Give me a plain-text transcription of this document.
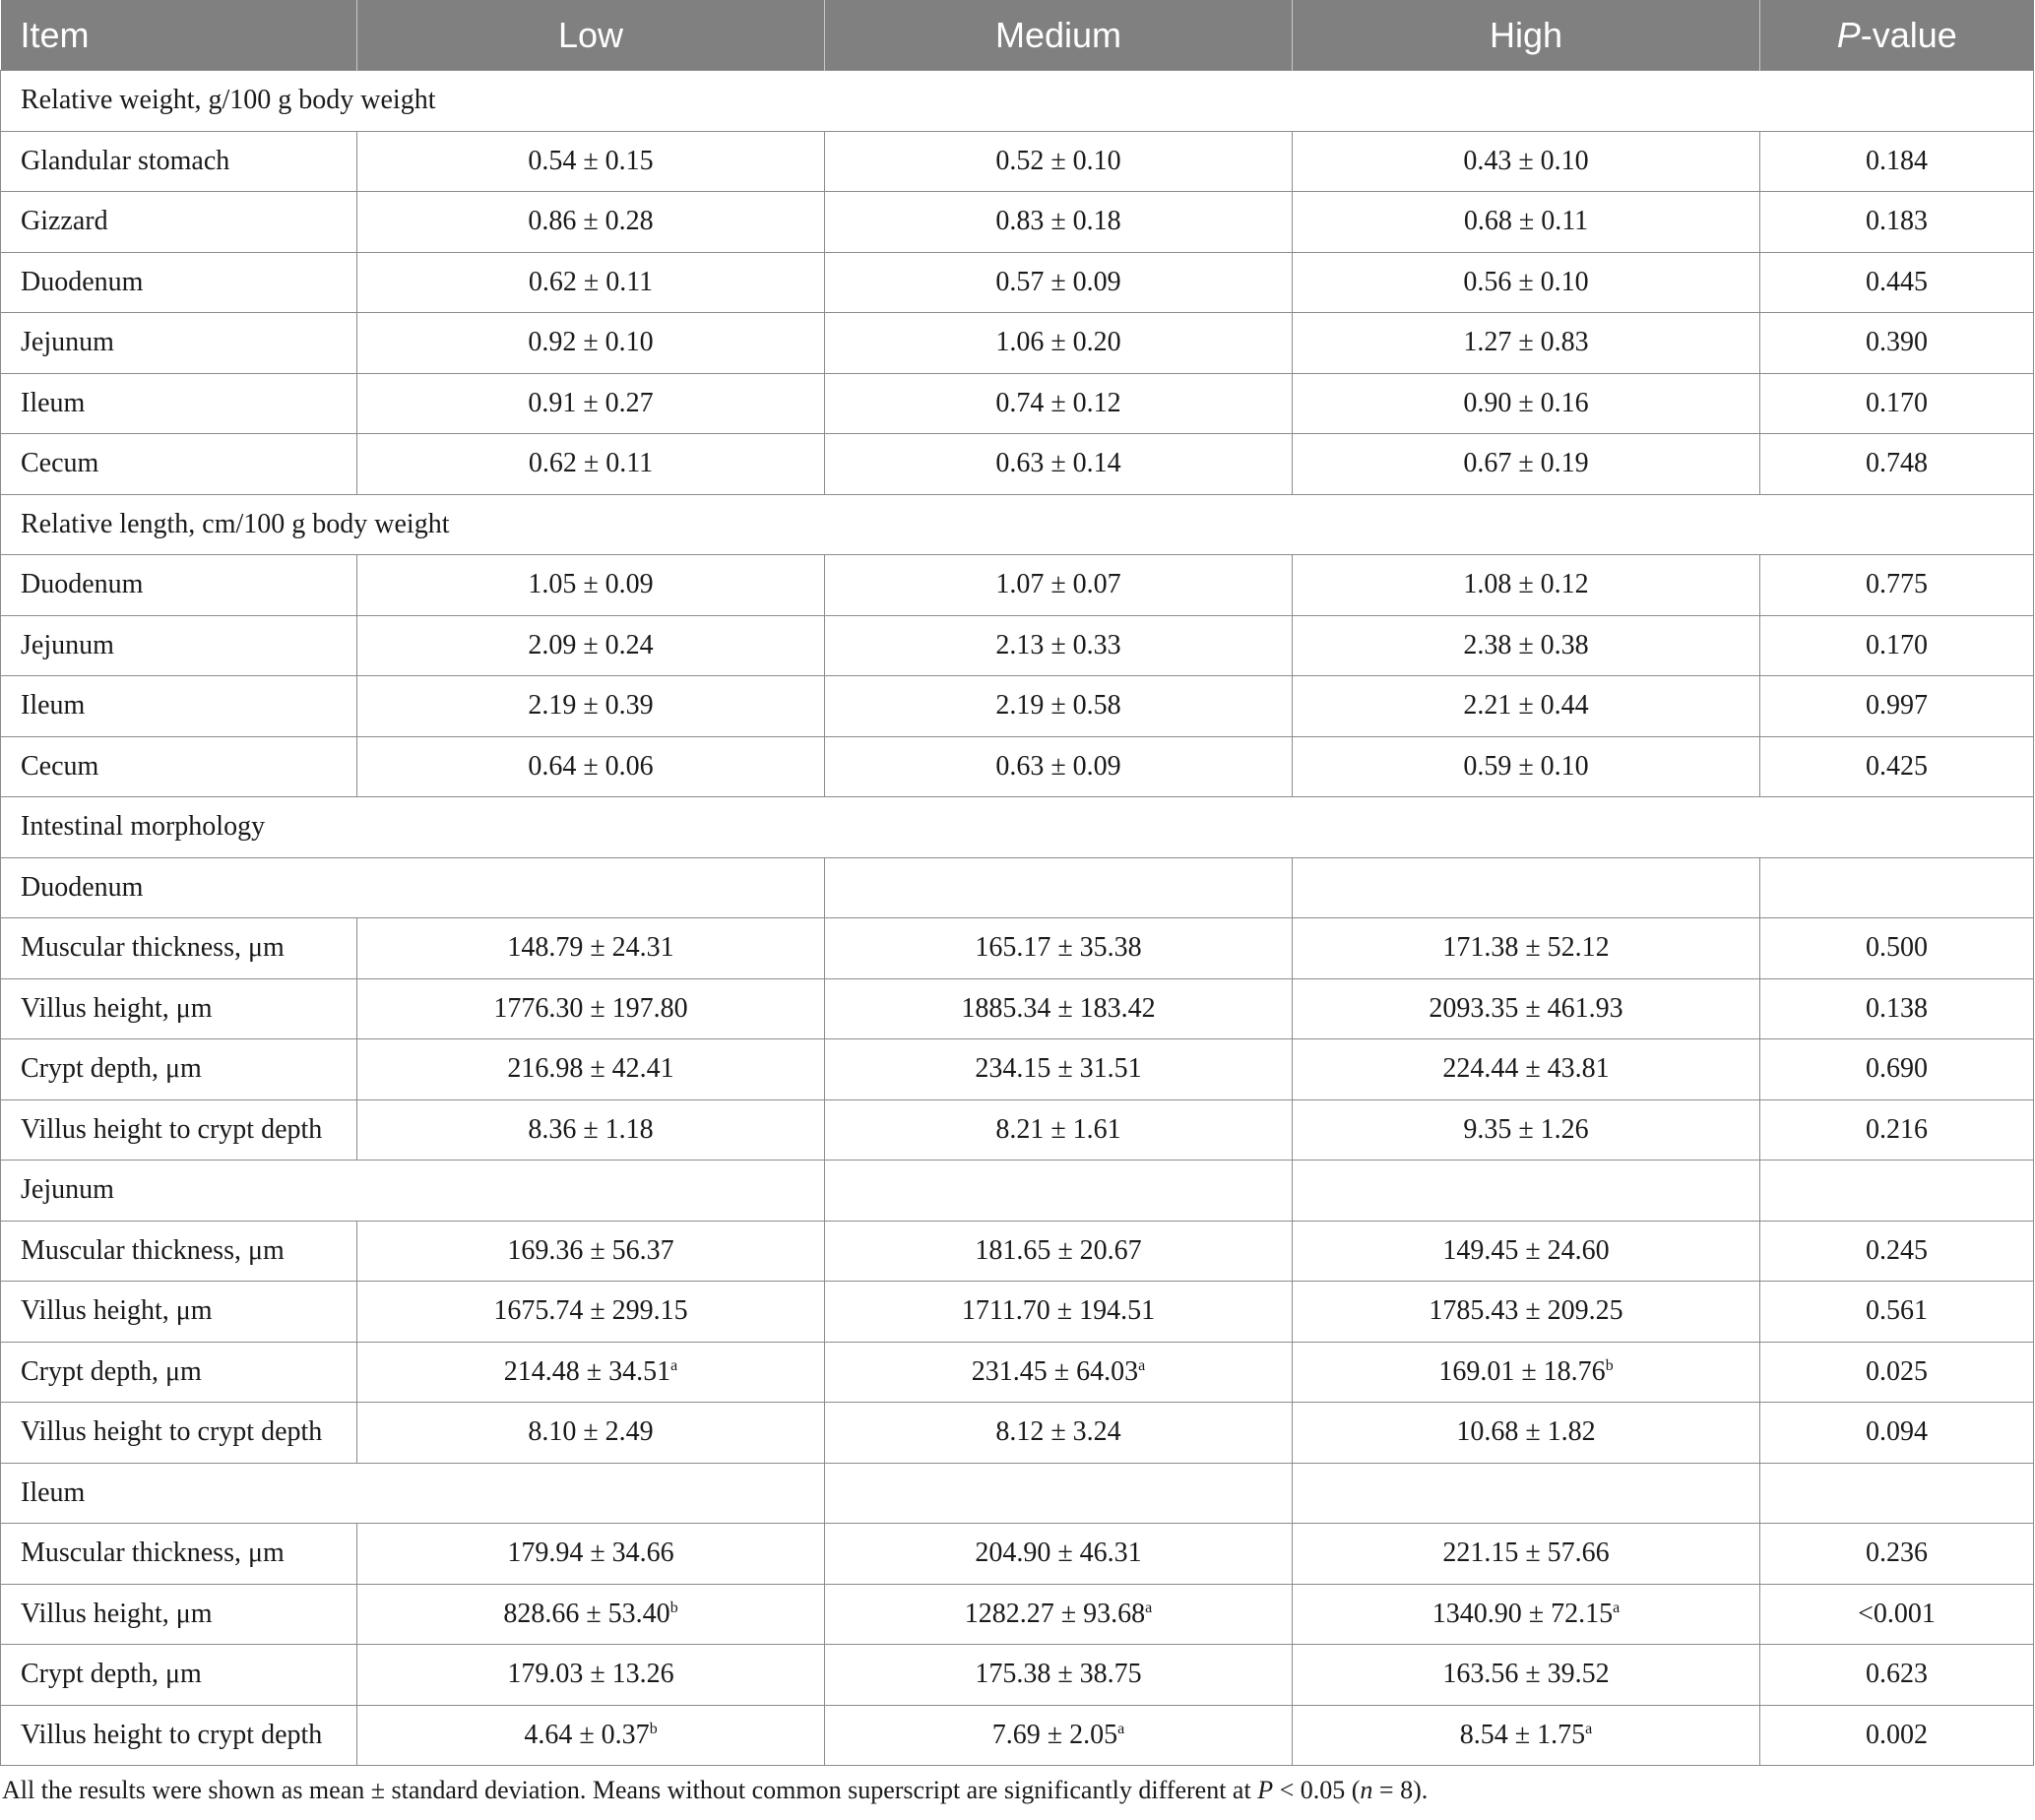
Item	Low	Medium	High	P-value
Relative weight, g/100 g body weight				
Glandular stomach	0.54 ± 0.15	0.52 ± 0.10	0.43 ± 0.10	0.184
Gizzard	0.86 ± 0.28	0.83 ± 0.18	0.68 ± 0.11	0.183
Duodenum	0.62 ± 0.11	0.57 ± 0.09	0.56 ± 0.10	0.445
Jejunum	0.92 ± 0.10	1.06 ± 0.20	1.27 ± 0.83	0.390
Ileum	0.91 ± 0.27	0.74 ± 0.12	0.90 ± 0.16	0.170
Cecum	0.62 ± 0.11	0.63 ± 0.14	0.67 ± 0.19	0.748
Relative length, cm/100 g body weight				
Duodenum	1.05 ± 0.09	1.07 ± 0.07	1.08 ± 0.12	0.775
Jejunum	2.09 ± 0.24	2.13 ± 0.33	2.38 ± 0.38	0.170
Ileum	2.19 ± 0.39	2.19 ± 0.58	2.21 ± 0.44	0.997
Cecum	0.64 ± 0.06	0.63 ± 0.09	0.59 ± 0.10	0.425
Intestinal morphology				
Duodenum				
Muscular thickness, μm	148.79 ± 24.31	165.17 ± 35.38	171.38 ± 52.12	0.500
Villus height, μm	1776.30 ± 197.80	1885.34 ± 183.42	2093.35 ± 461.93	0.138
Crypt depth, μm	216.98 ± 42.41	234.15 ± 31.51	224.44 ± 43.81	0.690
Villus height to crypt depth	8.36 ± 1.18	8.21 ± 1.61	9.35 ± 1.26	0.216
Jejunum				
Muscular thickness, μm	169.36 ± 56.37	181.65 ± 20.67	149.45 ± 24.60	0.245
Villus height, μm	1675.74 ± 299.15	1711.70 ± 194.51	1785.43 ± 209.25	0.561
Crypt depth, μm	214.48 ± 34.51$^a$	231.45 ± 64.03$^a$	169.01 ± 18.76$^b$	0.025
Villus height to crypt depth	8.10 ± 2.49	8.12 ± 3.24	10.68 ± 1.82	0.094
Ileum				
Muscular thickness, μm	179.94 ± 34.66	204.90 ± 46.31	221.15 ± 57.66	0.236
Villus height, μm	828.66 ± 53.40$^b$	1282.27 ± 93.68$^a$	1340.90 ± 72.15$^a$	<0.001
Crypt depth, μm	179.03 ± 13.26	175.38 ± 38.75	163.56 ± 39.52	0.623
Villus height to crypt depth	4.64 ± 0.37$^b$	7.69 ± 2.05$^a$	8.54 ± 1.75$^a$	0.002
All the results were shown as mean ± standard deviation. Means without common superscript are significantly different at P < 0.05 (n = 8).
